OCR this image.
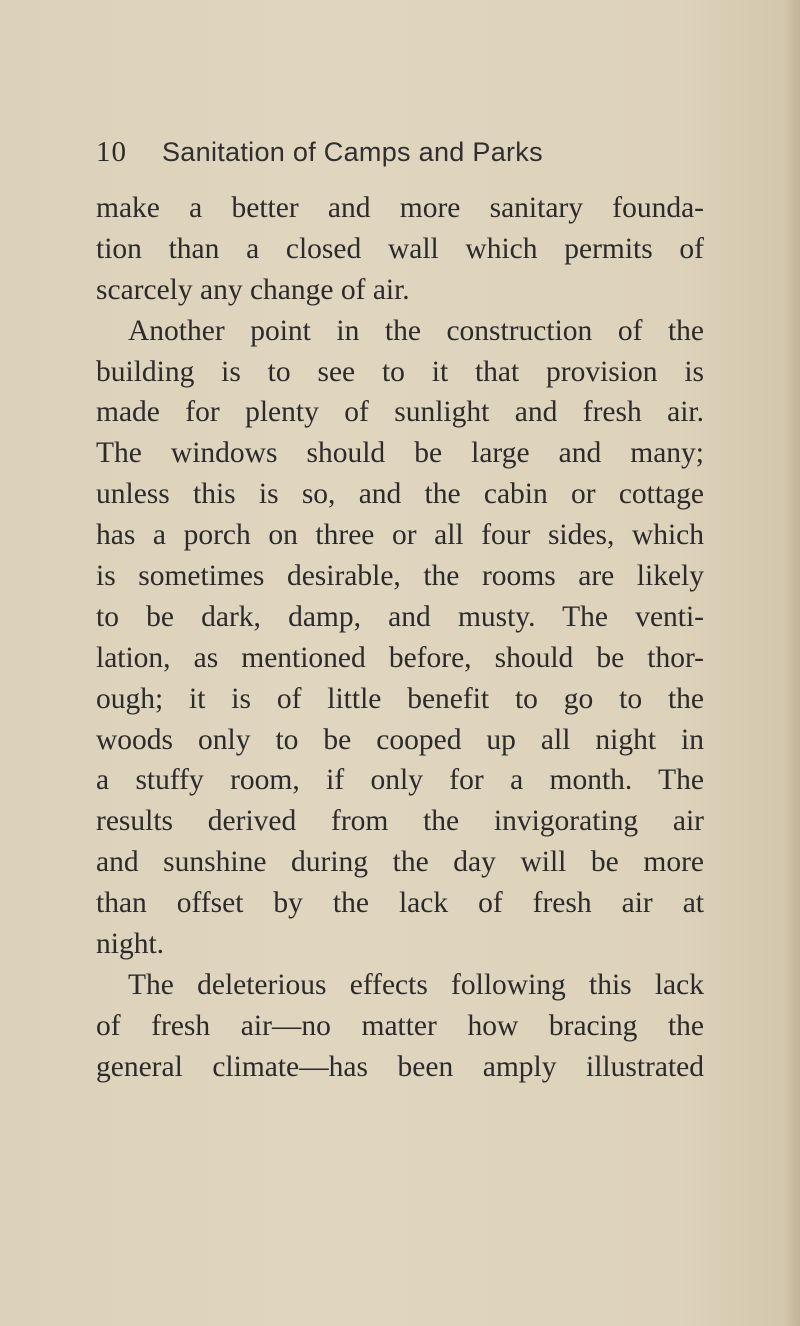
10	Sanitation of Camps and Parks
make a better and more sanitary founda-
tion than a closed wall which permits of
scarcely any change of air.
Another point in the construction of the
building is to see to it that provision is
made for plenty of sunlight and fresh air.
The windows should be large and many;
unless this is so, and the cabin or cottage
has a porch on three or all four sides, which
is sometimes desirable, the rooms are likely
to be dark, damp, and musty. The venti-
lation, as mentioned before, should be thor-
ough; it is of little benefit to go to the
woods only to be cooped up all night in
a stuffy room, if only for a month. The
results derived from the invigorating air
and sunshine during the day will be more
than offset by the lack of fresh air at
night.
The deleterious effects following this lack
of fresh air—no matter how bracing the
general climate—has been amply illustrated
